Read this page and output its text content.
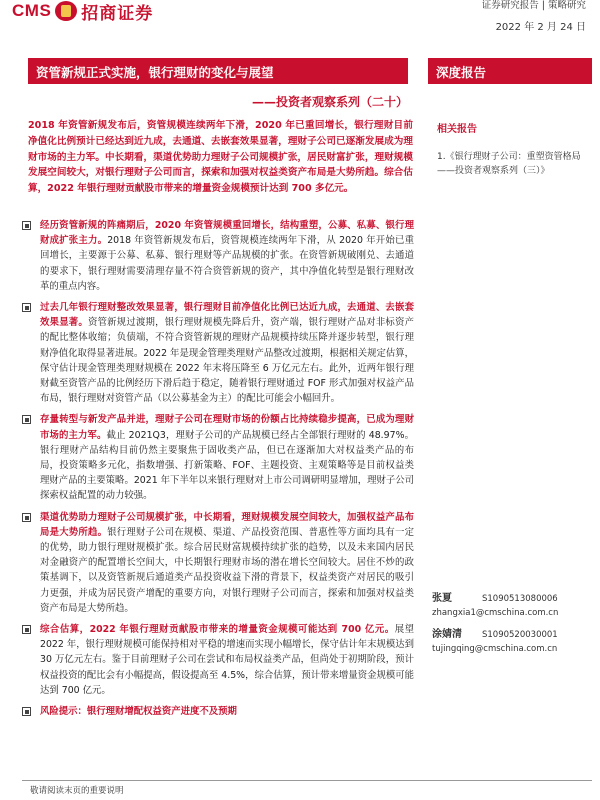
CMS 招商证券	证券研究报告 | 策略研究
2022 年 2 月 24 日
资管新规正式实施，银行理财的变化与展望
——投资者观察系列（二十）
深度报告
相关报告
1.《银行理财子公司：重塑资管格局——投资者观察系列（三）》
2018 年资管新规发布后，资管规模连续两年下滑，2020 年已重回增长，银行理财目前净值化比例预计已经达到近九成，去通道、去嵌套效果显著，理财子公司已逐渐发展成为理财市场的主力军。中长期看，渠道优势助力理财子公司规模扩张，居民财富扩张，理财规模发展空间较大，对银行理财子公司而言，探索和加强对权益类资产布局是大势所趋。综合估算，2022 年银行理财贡献股市带来的增量资金规模预计达到 700 多亿元。
经历资管新规的阵痛期后，2020 年资管规模重回增长，结构重塑，公募、私募、银行理财成扩张主力。2018 年资管新规发布后，资管规模连续两年下滑，从 2020 年开始已重回增长，主要源于公募、私募、银行理财等产品规模的扩张。在资管新规破刚兑、去通道的要求下，银行理财需要清理存量不符合资管新规的资产，其中净值化转型是银行理财改革的重点内容。
过去几年银行理财整改效果显著，银行理财目前净值化比例已达近九成，去通道、去嵌套效果显著。资管新规过渡期，银行理财规模先降后升，资产端，银行理财产品对非标资产的配比整体收缩；负债端，不符合资管新规的理财产品规模持续压降并逐步转型，银行理财净值化取得显著进展。2022 年是现金管理类理财产品整改过渡期，根据相关规定估算，保守估计现金管理类理财规模在 2022 年末将压降至 6 万亿元左右。此外，近两年银行理财截至资管产品的比例经历下滑后趋于稳定，随着银行理财通过 FOF 形式加强对权益产品布局，银行理财对资管产品（以公募基金为主）的配比可能会小幅回升。
存量转型与新发产品并进，理财子公司在理财市场的份额占比持续稳步提高，已成为理财市场的主力军。截止 2021Q3，理财子公司的产品规模已经占全部银行理财的 48.97%。银行理财产品结构目前仍然主要聚焦于固收类产品，但已在逐渐加大对权益类产品的布局，投资策略多元化，指数增强、打新策略、FOF、主题投资、主观策略等是目前权益类理财产品的主要策略。2021 年下半年以来银行理财对上市公司调研明显增加，理财子公司探索权益配置的动力较强。
渠道优势助力理财子公司规模扩张，中长期看，理财规模发展空间较大，加强权益产品布局是大势所趋。银行理财子公司在规模、渠道、产品投资范围、普惠性等方面均具有一定的优势，助力银行理财规模扩张。综合居民财富规模持续扩张的趋势，以及未来国内居民对金融资产的配置增长空间大，中长期银行理财市场的潜在增长空间较大。居住不炒的政策基调下，以及资管新规后通道类产品投资收益下滑的背景下，权益类资产对居民的吸引力更强，并成为居民资产增配的重要方向，对银行理财子公司而言，探索和加强对权益类资产布局是大势所趋。
综合估算，2022 年银行理财贡献股市带来的增量资金规模可能达到 700 亿元。展望 2022 年，银行理财规模可能保持相对平稳的增速而实现小幅增长，保守估计年末规模达到 30 万亿元左右。鉴于目前理财子公司在尝试和布局权益类产品，但尚处于初期阶段，预计权益投资的配比会有小幅提高，假设提高至 4.5%，综合估算，预计带来增量资金规模可能达到 700 亿元。
风险提示：银行理财增配权益资产进度不及预期
张夏	S1090513080006
zhangxia1@cmschina.com.cn
涂婧清	S1090520030001
tujingqing@cmschina.com.cn
敬请阅读末页的重要说明
